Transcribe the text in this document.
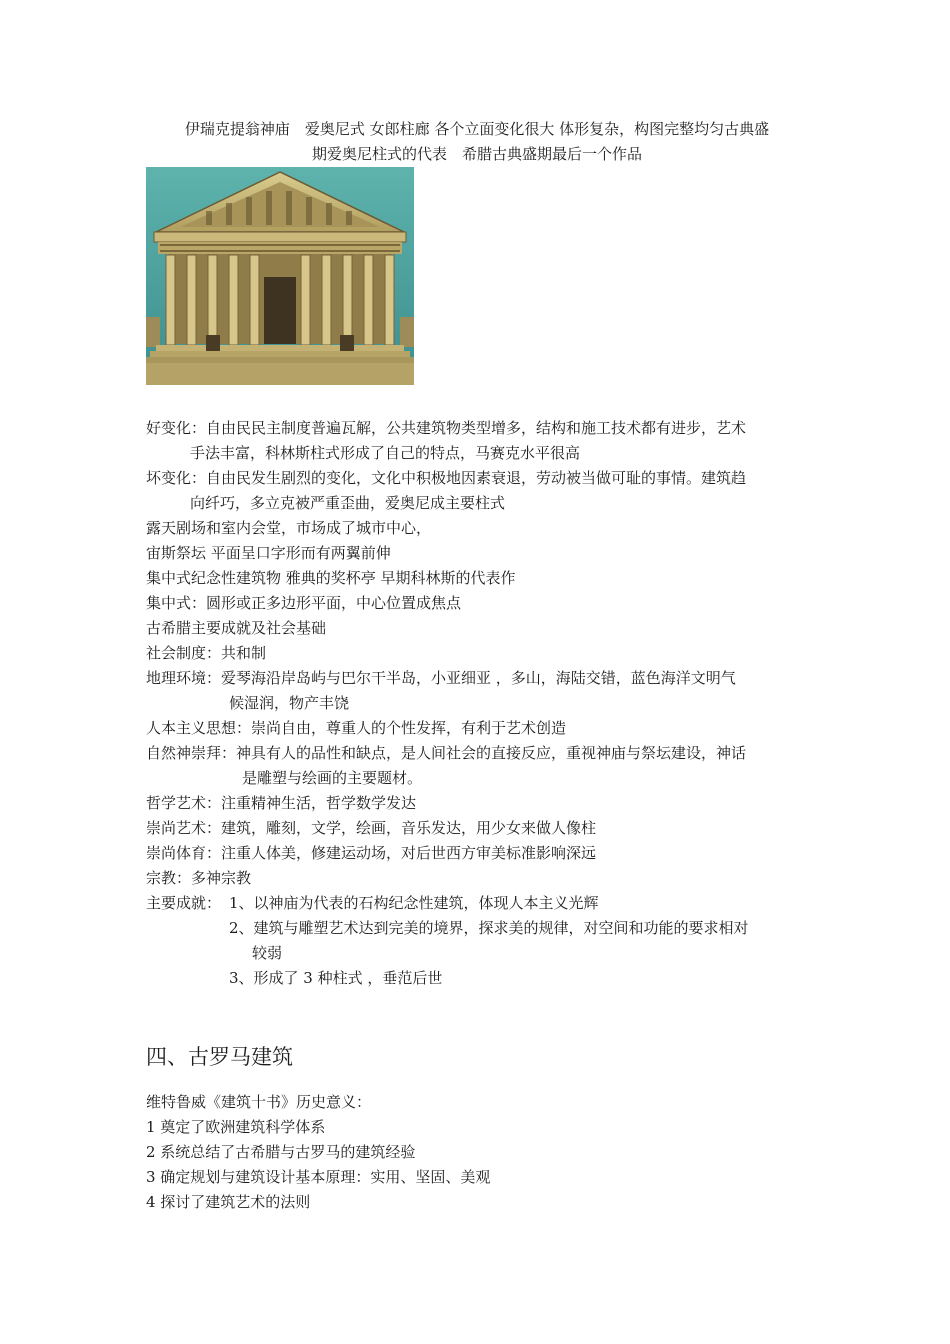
伊瑞克提翁神庙　爱奥尼式 女郎柱廊 各个立面变化很大 体形复杂，构图完整均匀古典盛
期爱奥尼柱式的代表　希腊古典盛期最后一个作品
好变化：自由民民主制度普遍瓦解，公共建筑物类型增多，结构和施工技术都有进步，艺术
手法丰富，科林斯柱式形成了自己的特点，马赛克水平很高
坏变化：自由民发生剧烈的变化，文化中积极地因素衰退，劳动被当做可耻的事情。建筑趋
向纤巧，多立克被严重歪曲，爱奥尼成主要柱式
露天剧场和室内会堂，市场成了城市中心，
宙斯祭坛 平面呈口字形而有两翼前伸
集中式纪念性建筑物 雅典的奖杯亭 早期科林斯的代表作
集中式：圆形或正多边形平面，中心位置成焦点
古希腊主要成就及社会基础
社会制度：共和制
地理环境：爱琴海沿岸岛屿与巴尔干半岛，小亚细亚 ，多山，海陆交错，蓝色海洋文明气
候湿润，物产丰饶
人本主义思想：崇尚自由，尊重人的个性发挥，有利于艺术创造
自然神崇拜：神具有人的品性和缺点，是人间社会的直接反应，重视神庙与祭坛建设，神话
是雕塑与绘画的主要题材。
哲学艺术：注重精神生活，哲学数学发达
崇尚艺术：建筑，雕刻，文学，绘画，音乐发达，用少女来做人像柱
崇尚体育：注重人体美，修建运动场，对后世西方审美标准影响深远
宗教：多神宗教
主要成就： 1、以神庙为代表的石构纪念性建筑，体现人本主义光辉
2、建筑与雕塑艺术达到完美的境界，探求美的规律，对空间和功能的要求相对
较弱
3、形成了 3 种柱式 ，垂范后世
四、古罗马建筑
维特鲁威《建筑十书》历史意义：
1 奠定了欧洲建筑科学体系
2 系统总结了古希腊与古罗马的建筑经验
3 确定规划与建筑设计基本原理：实用、坚固、美观
4 探讨了建筑艺术的法则
